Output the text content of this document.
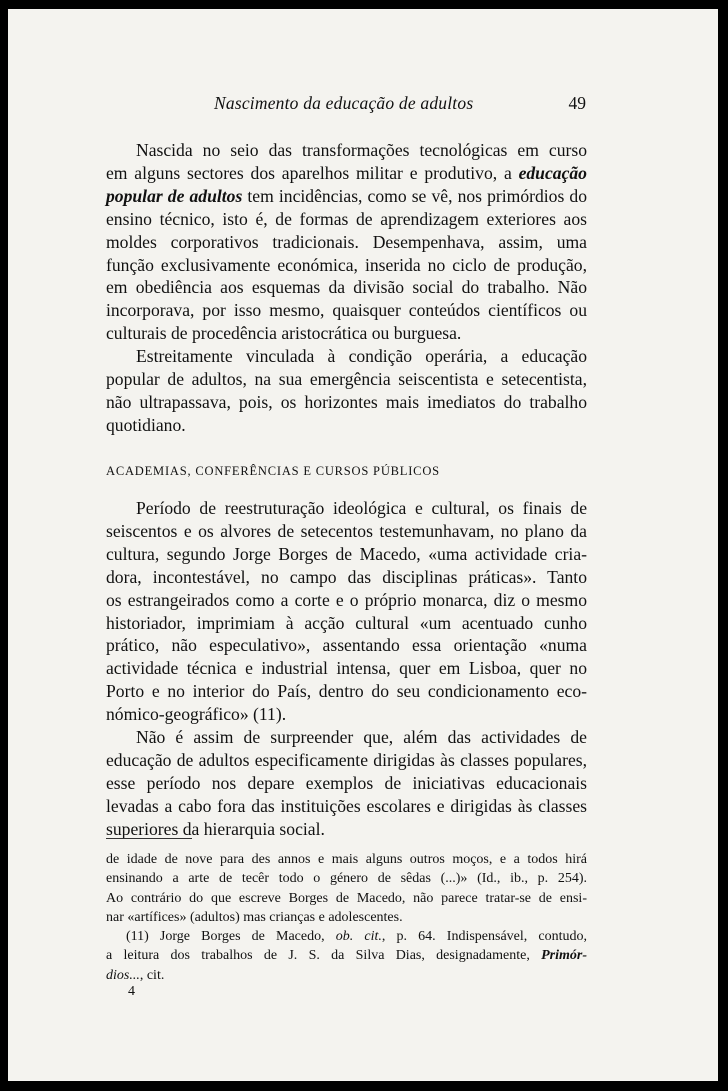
Nascimento da educação de adultos	49
Nascida no seio das transformações tecnológicas em curso
em alguns sectores dos aparelhos militar e produtivo, a educação
popular de adultos tem incidências, como se vê, nos primórdios do
ensino técnico, isto é, de formas de aprendizagem exteriores aos
moldes corporativos tradicionais. Desempenhava, assim, uma
função exclusivamente económica, inserida no ciclo de produção,
em obediência aos esquemas da divisão social do trabalho. Não
incorporava, por isso mesmo, quaisquer conteúdos científicos ou
culturais de procedência aristocrática ou burguesa.
Estreitamente vinculada à condição operária, a educação
popular de adultos, na sua emergência seiscentista e setecentista,
não ultrapassava, pois, os horizontes mais imediatos do trabalho
quotidiano.
ACADEMIAS, CONFERÊNCIAS E CURSOS PÚBLICOS
Período de reestruturação ideológica e cultural, os finais de
seiscentos e os alvores de setecentos testemunhavam, no plano da
cultura, segundo Jorge Borges de Macedo, «uma actividade cria-
dora, incontestável, no campo das disciplinas práticas». Tanto
os estrangeirados como a corte e o próprio monarca, diz o mesmo
historiador, imprimiam à acção cultural «um acentuado cunho
prático, não especulativo», assentando essa orientação «numa
actividade técnica e industrial intensa, quer em Lisboa, quer no
Porto e no interior do País, dentro do seu condicionamento eco-
nómico-geográfico» (11).
Não é assim de surpreender que, além das actividades de
educação de adultos especificamente dirigidas às classes populares,
esse período nos depare exemplos de iniciativas educacionais
levadas a cabo fora das instituições escolares e dirigidas às classes
superiores da hierarquia social.
de idade de nove para des annos e mais alguns outros moços, e a todos hirá
ensinando a arte de tecêr todo o género de sêdas (...)» (Id., ib., p. 254).
Ao contrário do que escreve Borges de Macedo, não parece tratar-se de ensi-
nar «artífices» (adultos) mas crianças e adolescentes.
(11) Jorge Borges de Macedo, ob. cit., p. 64. Indispensável, contudo,
a leitura dos trabalhos de J. S. da Silva Dias, designadamente, Primór-
dios..., cit.
4
